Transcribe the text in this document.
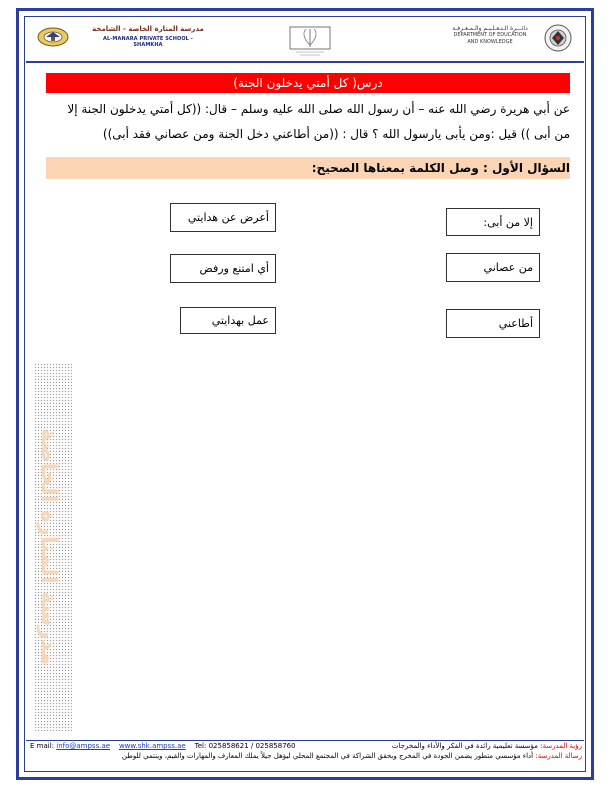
مدرسة المنارة الخاصة - الشامخة
AL-MANARA PRIVATE SCHOOL - SHAMKHA
دائـــرة الـتـعـلـيـم والـمـعـرفـة
DEPARTMENT OF EDUCATION
AND KNOWLEDGE
درس( كل أمتي يدخلون الجنة)
عن أبي هريرة رضي الله عنه – أن رسول الله صلى الله عليه وسلم – قال: ((كل أمتي يدخلون الجنة إلا
من أبى )) قيل :ومن يأبى يارسول الله ؟ قال : ((من أطاعني دخل الجنة ومن عصاني فقد أبى))
السؤال الأول : وصل الكلمة بمعناها الصحيح:
أعرض عن هدايتي
أي امتنع ورفض
عمل بهدايتي
إلا من أبى:
من عصاني
أطاعني
مدرسة المنارة الخاصة
E mail: info@ampss.ae www.shk.ampss.ae Tel: 025858621 / 025858760	رؤية المدرسة: مؤسسة تعليمية رائدة في الفكر والأداء والمخرجات
رسالة المدرسة: أداء مؤسسي متطور يضمن الجودة في المخرج ويحقق الشراكة في المجتمع المحلي ليؤهل جيلاً يملك المعارف والمهارات والقيم، وينتمي للوطن
